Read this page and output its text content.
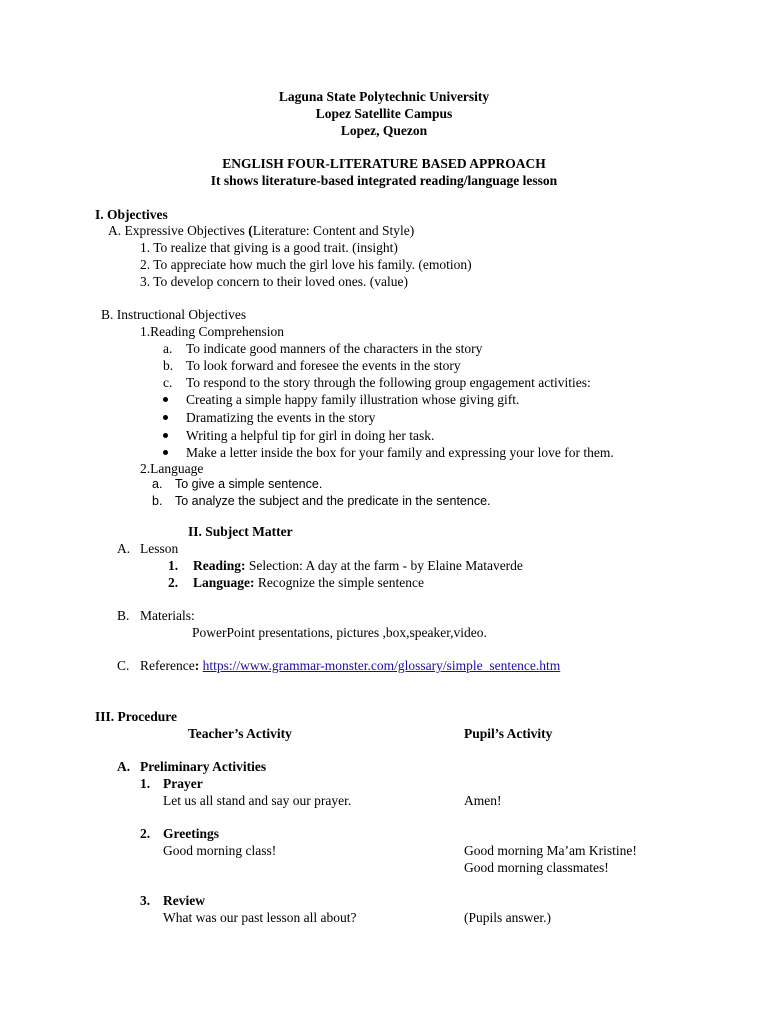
Laguna State Polytechnic University
Lopez Satellite Campus
Lopez, Quezon
ENGLISH FOUR-LITERATURE BASED APPROACH
It shows literature-based integrated reading/language lesson
I. Objectives
A. Expressive Objectives (Literature: Content and Style)
1. To realize that giving is a good trait. (insight)
2. To appreciate how much the girl love his family. (emotion)
3. To develop concern to their loved ones. (value)
B. Instructional Objectives
1.Reading Comprehension
a. To indicate good manners of the characters in the story
b. To look forward and foresee the events in the story
c. To respond to the story through the following group engagement activities:
Creating a simple happy family illustration whose giving gift.
Dramatizing the events in the story
Writing a helpful tip for girl in doing her task.
Make a letter inside the box for your family and expressing your love for them.
2.Language
a. To give a simple sentence.
b. To analyze the subject and the predicate in the sentence.
II. Subject Matter
A. Lesson
1. Reading: Selection: A day at the farm - by Elaine Mataverde
2. Language: Recognize the simple sentence
B. Materials:
PowerPoint presentations, pictures ,box,speaker,video.
C. Reference: https://www.grammar-monster.com/glossary/simple_sentence.htm
III. Procedure
Teacher’s Activity	Pupil’s Activity
A. Preliminary Activities
1. Prayer
Let us all stand and say our prayer.	Amen!
2. Greetings
Good morning class!	Good morning Ma’am Kristine!
Good morning classmates!
3. Review
What was our past lesson all about?	(Pupils answer.)
